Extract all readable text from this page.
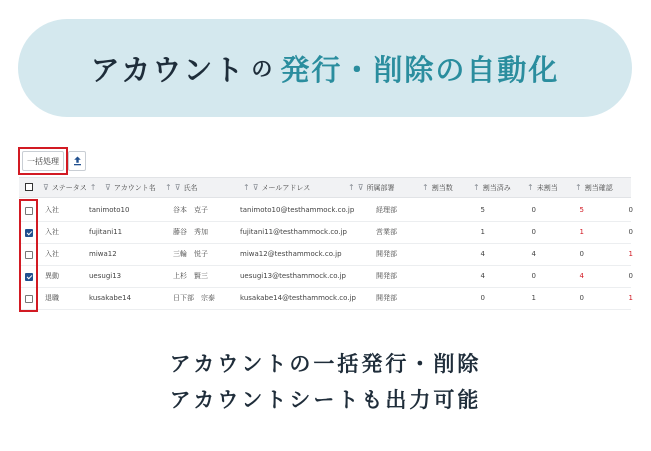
アカウント の 発行・削除の自動化
一括処理
⊽ ステータス ↑	⊽ アカウント名 ↑ ⊽ 氏名	↑ ⊽ メールアドレス	↑ ⊽ 所属部署	↑ 割当数	↑ 割当済み ↑ 未割当 ↑ 割当確認
入社	tanimoto10	谷本　克子	tanimoto10@testhammock.co.jp	経理部	5	0	5	0
入社	fujitani11	藤谷　秀加	fujitani11@testhammock.co.jp	営業部	1	0	1	0
入社	miwa12	三輪　悦子	miwa12@testhammock.co.jp	開発部	4	4	0	1
異動	uesugi13	上杉　賢三	uesugi13@testhammock.co.jp	開発部	4	0	4	0
退職	kusakabe14	日下部　宗泰	kusakabe14@testhammock.co.jp	開発部	0	1	0	1
アカウントの一括発行・削除
アカウントシートも出力可能
